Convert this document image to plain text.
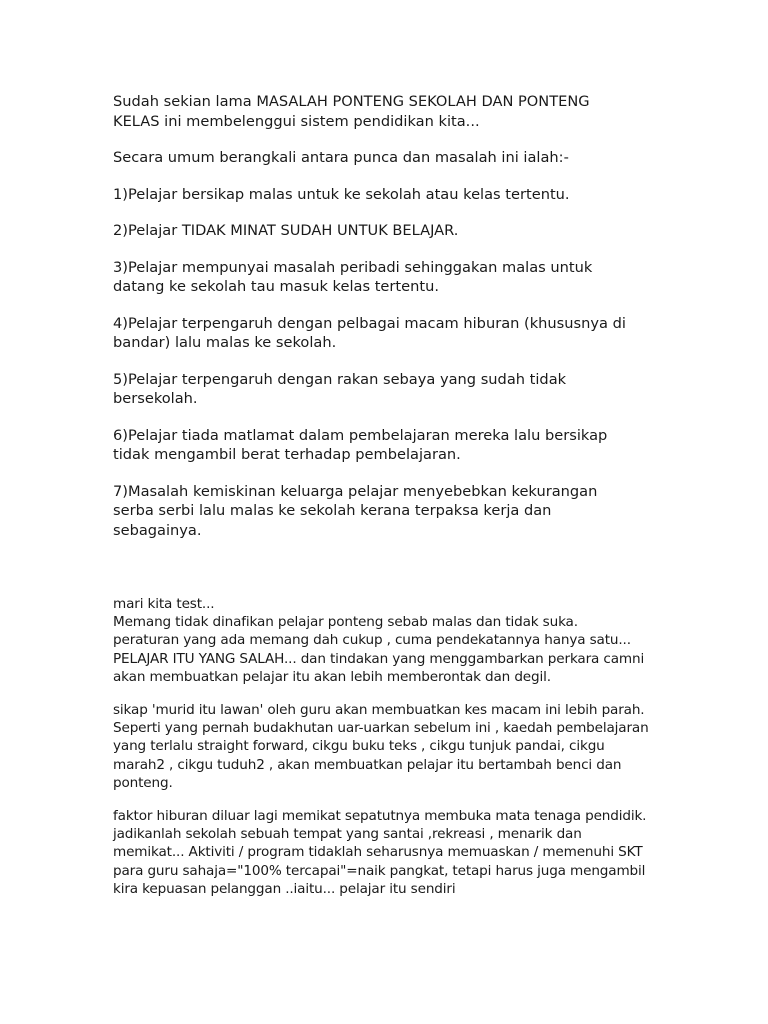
Sudah sekian lama MASALAH PONTENG SEKOLAH DAN PONTENG
KELAS ini membelenggui sistem pendidikan kita...

Secara umum berangkali antara punca dan masalah ini ialah:-

1)Pelajar bersikap malas untuk ke sekolah atau kelas tertentu.

2)Pelajar TIDAK MINAT SUDAH UNTUK BELAJAR.

3)Pelajar mempunyai masalah peribadi sehinggakan malas untuk
datang ke sekolah tau masuk kelas tertentu.

4)Pelajar terpengaruh dengan pelbagai macam hiburan (khususnya di
bandar) lalu malas ke sekolah.

5)Pelajar terpengaruh dengan rakan sebaya yang sudah tidak
bersekolah.

6)Pelajar tiada matlamat dalam pembelajaran mereka lalu bersikap
tidak mengambil berat terhadap pembelajaran.

7)Masalah kemiskinan keluarga pelajar menyebebkan kekurangan
serba serbi lalu malas ke sekolah kerana terpaksa kerja dan
sebagainya.

mari kita test...
Memang tidak dinafikan pelajar ponteng sebab malas dan tidak suka.
peraturan yang ada memang dah cukup , cuma pendekatannya hanya satu...
PELAJAR ITU YANG SALAH... dan tindakan yang menggambarkan perkara camni
akan membuatkan pelajar itu akan lebih memberontak dan degil.

sikap 'murid itu lawan' oleh guru akan membuatkan kes macam ini lebih parah.
Seperti yang pernah budakhutan uar-uarkan sebelum ini , kaedah pembelajaran
yang terlalu straight forward, cikgu buku teks , cikgu tunjuk pandai, cikgu
marah2 , cikgu tuduh2 , akan membuatkan pelajar itu bertambah benci dan
ponteng.

faktor hiburan diluar lagi memikat sepatutnya membuka mata tenaga pendidik.
jadikanlah sekolah sebuah tempat yang santai ,rekreasi , menarik dan
memikat... Aktiviti / program tidaklah seharusnya memuaskan / memenuhi SKT
para guru sahaja="100% tercapai"=naik pangkat, tetapi harus juga mengambil
kira kepuasan pelanggan ..iaitu... pelajar itu sendiri
